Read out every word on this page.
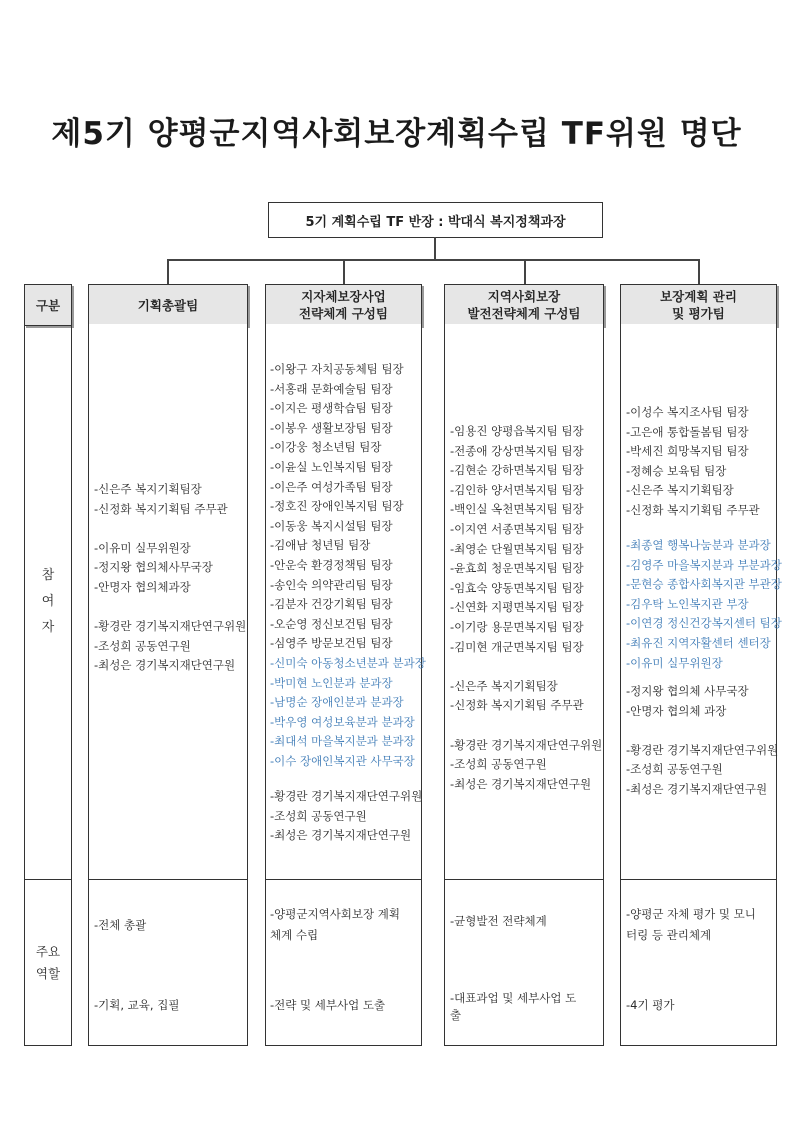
제5기 양평군지역사회보장계획수립 TF위원 명단
5기 계획수립 TF 반장 : 박대식 복지정책과장
구분
참
여
자
주요
역할
기획총괄팀
-신은주 복지기획팀장
-신정화 복지기획팀 주무관
-이유미 실무위원장
-정지왕 협의체사무국장
-안명자 협의체과장
-황경란 경기복지재단연구위원
-조성희 공동연구원
-최성은 경기복지재단연구원
-전체 총괄
-기획, 교육, 집필
지자체보장사업
전략체계 구성팀
-이왕구 자치공동체팀 팀장
-서홍래 문화예술팀 팀장
-이지은 평생학습팀 팀장
-이봉우 생활보장팀 팀장
-이강웅 청소년팀 팀장
-이윤실 노인복지팀 팀장
-이은주 여성가족팀 팀장
-정호진 장애인복지팀 팀장
-이동웅 복지시설팀 팀장
-김애남 청년팀 팀장
-안운숙 환경정책팀 팀장
-송인숙 의약관리팀 팀장
-김분자 건강기획팀 팀장
-오순영 정신보건팀 팀장
-심영주 방문보건팀 팀장
-신미숙 아동청소년분과 분과장
-박미현 노인분과 분과장
-남명순 장애인분과 분과장
-박우영 여성보육분과 분과장
-최대석 마을복지분과 분과장
-이수 장애인복지관 사무국장
-황경란 경기복지재단연구위원
-조성희 공동연구원
-최성은 경기복지재단연구원
-양평군지역사회보장 계획
체계 수립
-전략 및 세부사업 도출
지역사회보장
발전전략체계 구성팀
-임용진 양평읍복지팀 팀장
-전종애 강상면복지팀 팀장
-김현순 강하면복지팀 팀장
-김인하 양서면복지팀 팀장
-백인실 옥천면복지팀 팀장
-이지연 서종면복지팀 팀장
-최영순 단월면복지팀 팀장
-윤효희 청운면복지팀 팀장
-임효숙 양동면복지팀 팀장
-신연화 지평면복지팀 팀장
-이기랑 용문면복지팀 팀장
-김미현 개군면복지팀 팀장
-신은주 복지기획팀장
-신정화 복지기획팀 주무관
-황경란 경기복지재단연구위원
-조성희 공동연구원
-최성은 경기복지재단연구원
-균형발전 전략체계
-대표과업 및 세부사업 도
출
보장계획 관리
및 평가팀
-이성수 복지조사팀 팀장
-고은애 통합돌봄팀 팀장
-박세진 희망복지팀 팀장
-정혜승 보육팀 팀장
-신은주 복지기획팀장
-신정화 복지기획팀 주무관
-최종열 행복나눔분과 분과장
-김영주 마을복지분과 부분과장
-문현승 종합사회복지관 부관장
-김우탁 노인복지관 부장
-이연경 정신건강복지센터 팀장
-최유진 지역자활센터 센터장
-이유미 실무위원장
-정지왕 협의체 사무국장
-안명자 협의체 과장
-황경란 경기복지재단연구위원
-조성희 공동연구원
-최성은 경기복지재단연구원
-양평군 자체 평가 및 모니
터링 등 관리체계
-4기 평가
